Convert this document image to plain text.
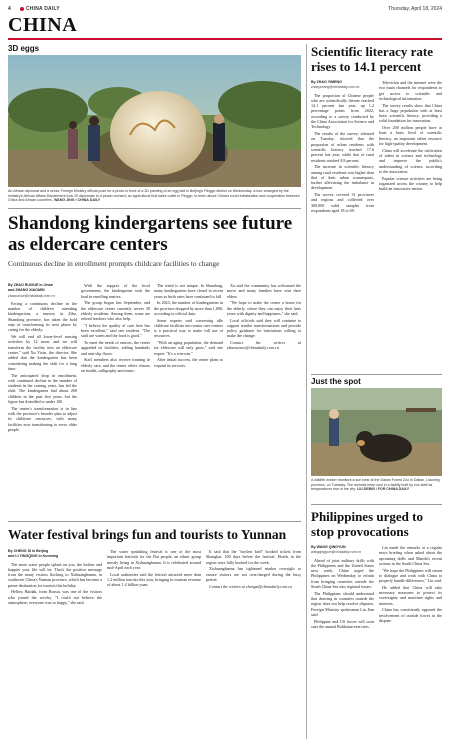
4	CHINA DAILY	Thursday, April 18, 2024
CHINA
3D eggs
An African diplomat and a senior Foreign Ministry official pose for a photo in front of a 3D painting of an egg laid in Beijing's Pinggu district on Wednesday. A tour arranged by the ministry's African Affairs Department took 20 diplomats to a peach orchard, an agricultural fruit sales outlet in Pinggu, to learn about China's rural revitalization and cooperation between China and African countries. WANG JING / CHINA DAILY
Shandong kindergartens see future as eldercare centers
Continuous decline in enrollment prompts childcare facilities to change
By ZHAO RUIXUE in Jinan
and ZHANG XIAOMIN
zhaoruixue@chinadaily.com.cn

Facing a continuous decline in the number of children attending kindergartens, a nursery in Zibo, Shandong province, has taken the bold step of transforming its next phase by caring for the elderly.

We will end all lower-level nursing activities by 12 noon, and we will transform the facility into an eldercare center," said Xu Yixin, the director. She added that the kindergarten has been considering making the shift for a long time.

The anticipated drop in enrollment, with continued decline in the number of students in the coming years, has led the shift. The kindergarten had about 200 children in the past five years, but the figure has dwindled to under 100.

The center's transformation is in line with the province's broader plan to adjust its childcare resources, with many facilities now transitioning to serve older people.

With the support of the local government, the kindergarten took the lead in enrolling seniors.

The group began last September, and the eldercare center currently serves 30 elderly residents. Among them, some are retired teachers who also help.

"I believe the quality of care here has been excellent," said one resident. "The staff are warm and the food is good."

To meet the needs of seniors, the center upgraded its facilities, adding handrails and anti-slip floors.

Staff members also receive training in elderly care, and the center offers classes on health, calligraphy and music.

The trend is not unique. In Shandong, many kindergartens have closed in recent years as birth rates have continued to fall.

In 2023, the number of kindergartens in the province dropped by more than 1,000, according to official data.

Some experts said converting idle childcare facilities into senior care centers is a practical way to make full use of resources.

"With an aging population, the demand for eldercare will only grow," said one expert. "It's a win-win."

After initial success, the center plans to expand its services.

Xu said the community has welcomed the move and many families have sent their elders.

"We hope to make the center a home for the elderly, where they can enjoy their later years with dignity and happiness," she said.

Local officials said they will continue to support similar transformations and provide policy guidance for institutions willing to make the change.

Contact the writers at zhaoruixue@chinadaily.com.cn

Water festival brings fun and tourists to Yunnan
By CHENG SI in Beijing
and LI YINGQING in Kunming

The more water people splash on you, the luckier and happier your life will be. That's the positive message from the many visitors flocking to Xishuangbanna, in southwest China's Yunnan province, which has become a prime destination for tourists this holiday.

Hellow Baidak, from Russia, was one of the visitors who joined the revelry. "I could not believe the atmosphere, everyone was so happy," she said.

The water sprinkling festival is one of the most important festivals for the Dai people, an ethnic group mostly living in Xishuangbanna. It is celebrated around mid-April each year.

Local authorities said the festival attracted more than 1.2 million tourists this year, bringing in tourism revenue of about 1.4 billion yuan.

It said that the "earliest bird" booked tickets from Shanghai, 100 days before the festival. Hotels in the region were fully booked for the week.

Xishuangbanna has tightened market oversight to ensure visitors are not overcharged during the busy period.

Contact the writers at chengsi@chinadaily.com.cn

Scientific literacy rate rises to 14.1 percent
By ZHAO YIMENG
zhaoyimeng@chinadaily.com.cn

The proportion of Chinese people who are scientifically literate reached 14.1 percent last year, up 1.2 percentage points from 2022, according to a survey conducted by the China Association for Science and Technology.

The results of the survey, released on Tuesday, showed that the proportion of urban residents with scientific literacy reached 17.6 percent last year, while that of rural residents reached 8.8 percent.

The increase in scientific literacy among rural residents was higher than that of their urban counterparts, further alleviating the imbalance in development.

The survey covered 31 provinces and regions and collected over 300,000 valid samples from respondents aged 18 to 69.

Television and the internet were the two main channels for respondents to get access to scientific and technological information.

The survey results show that China has a huge population with at least basic scientific literacy, providing a solid foundation for innovation.

Over 200 million people have at least a basic level of scientific literacy, an important talent resource for high-quality development.

China will accelerate the cultivation of talent in science and technology and improve the public's understanding of science, according to the association.

Popular science activities are being organized across the country to help build an innovative nation.

Just the spot
A wildlife worker monitors a sun bear at the Dalian Forest Zoo in Dalian, Liaoning province, on Tuesday. The animals keep cool in a facility built by zoo staff as temperatures rise in the city. LIU DEBIN / FOR CHINA DAILY
Philippines urged to stop provocations
By WANG QINGYUN
wangqingyun@chinadaily.com.cn

Ahead of joint military drills with the Philippines and the United States next week, China urged the Philippines on Wednesday to refrain from bringing countries outside the South China Sea into regional issues.

The Philippines should understand that drawing in countries outside the region does not help resolve disputes, Foreign Ministry spokesman Lin Jian said.

Philippine and US forces will soon start the annual Balikatan exercises.

Lin made the remarks at a regular news briefing when asked about the upcoming drills and Manila's recent actions in the South China Sea.

"We hope the Philippines will return to dialogue and work with China to properly handle differences," Lin said.

He added that China will take necessary measures to protect its sovereignty and maritime rights and interests.

China has consistently opposed the involvement of outside forces in the dispute.
